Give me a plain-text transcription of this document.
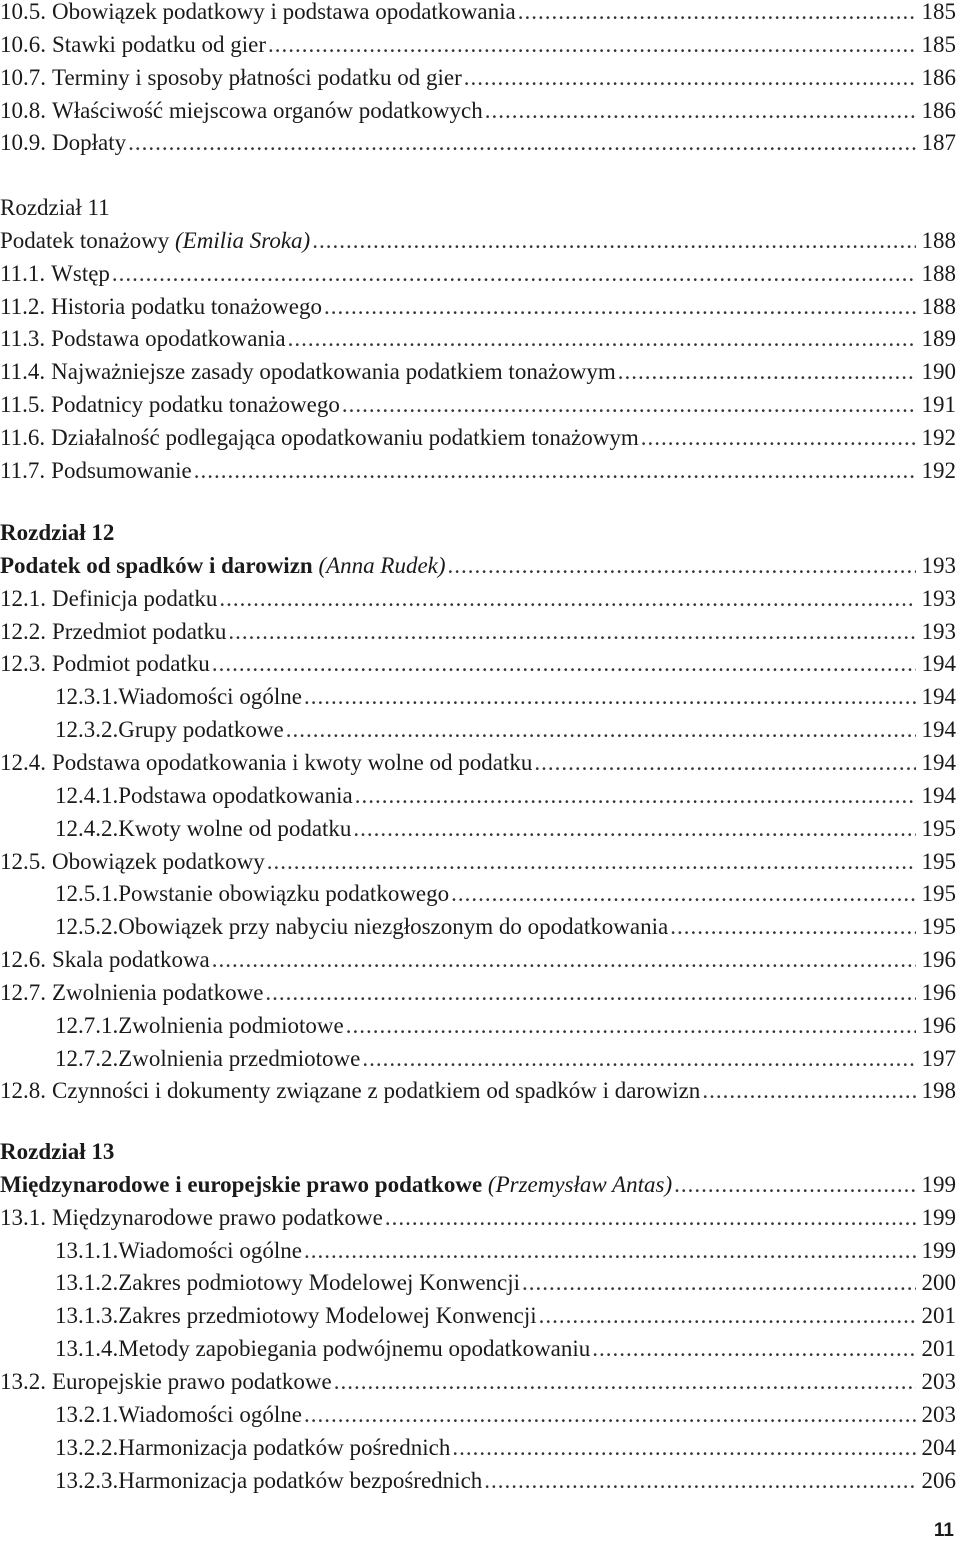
10.5. Obowiązek podatkowy i podstawa opodatkowania .....	185
10.6. Stawki podatku od gier .....	185
10.7. Terminy i sposoby płatności podatku od gier .....	186
10.8. Właściwość miejscowa organów podatkowych .....	186
10.9. Dopłaty .....	187
Rozdział 11
Podatek tonażowy (Emilia Sroka) .....	188
11.1. Wstęp .....	188
11.2. Historia podatku tonażowego .....	188
11.3. Podstawa opodatkowania .....	189
11.4. Najważniejsze zasady opodatkowania podatkiem tonażowym .....	190
11.5. Podatnicy podatku tonażowego .....	191
11.6. Działalność podlegająca opodatkowaniu podatkiem tonażowym .....	192
11.7. Podsumowanie .....	192
Rozdział 12
Podatek od spadków i darowizn (Anna Rudek) .....	193
12.1. Definicja podatku .....	193
12.2. Przedmiot podatku .....	193
12.3. Podmiot podatku .....	194
12.3.1. Wiadomości ogólne .....	194
12.3.2. Grupy podatkowe .....	194
12.4. Podstawa opodatkowania i kwoty wolne od podatku .....	194
12.4.1. Podstawa opodatkowania .....	194
12.4.2. Kwoty wolne od podatku .....	195
12.5. Obowiązek podatkowy .....	195
12.5.1. Powstanie obowiązku podatkowego .....	195
12.5.2. Obowiązek przy nabyciu niezgłoszonym do opodatkowania .....	195
12.6. Skala podatkowa .....	196
12.7. Zwolnienia podatkowe .....	196
12.7.1. Zwolnienia podmiotowe .....	196
12.7.2. Zwolnienia przedmiotowe .....	197
12.8. Czynności i dokumenty związane z podatkiem od spadków i darowizn .....	198
Rozdział 13
Międzynarodowe i europejskie prawo podatkowe (Przemysław Antas) .....	199
13.1. Międzynarodowe prawo podatkowe .....	199
13.1.1. Wiadomości ogólne .....	199
13.1.2. Zakres podmiotowy Modelowej Konwencji .....	200
13.1.3. Zakres przedmiotowy Modelowej Konwencji .....	201
13.1.4. Metody zapobiegania podwójnemu opodatkowaniu .....	201
13.2. Europejskie prawo podatkowe .....	203
13.2.1. Wiadomości ogólne .....	203
13.2.2. Harmonizacja podatków pośrednich .....	204
13.2.3. Harmonizacja podatków bezpośrednich .....	206
11
